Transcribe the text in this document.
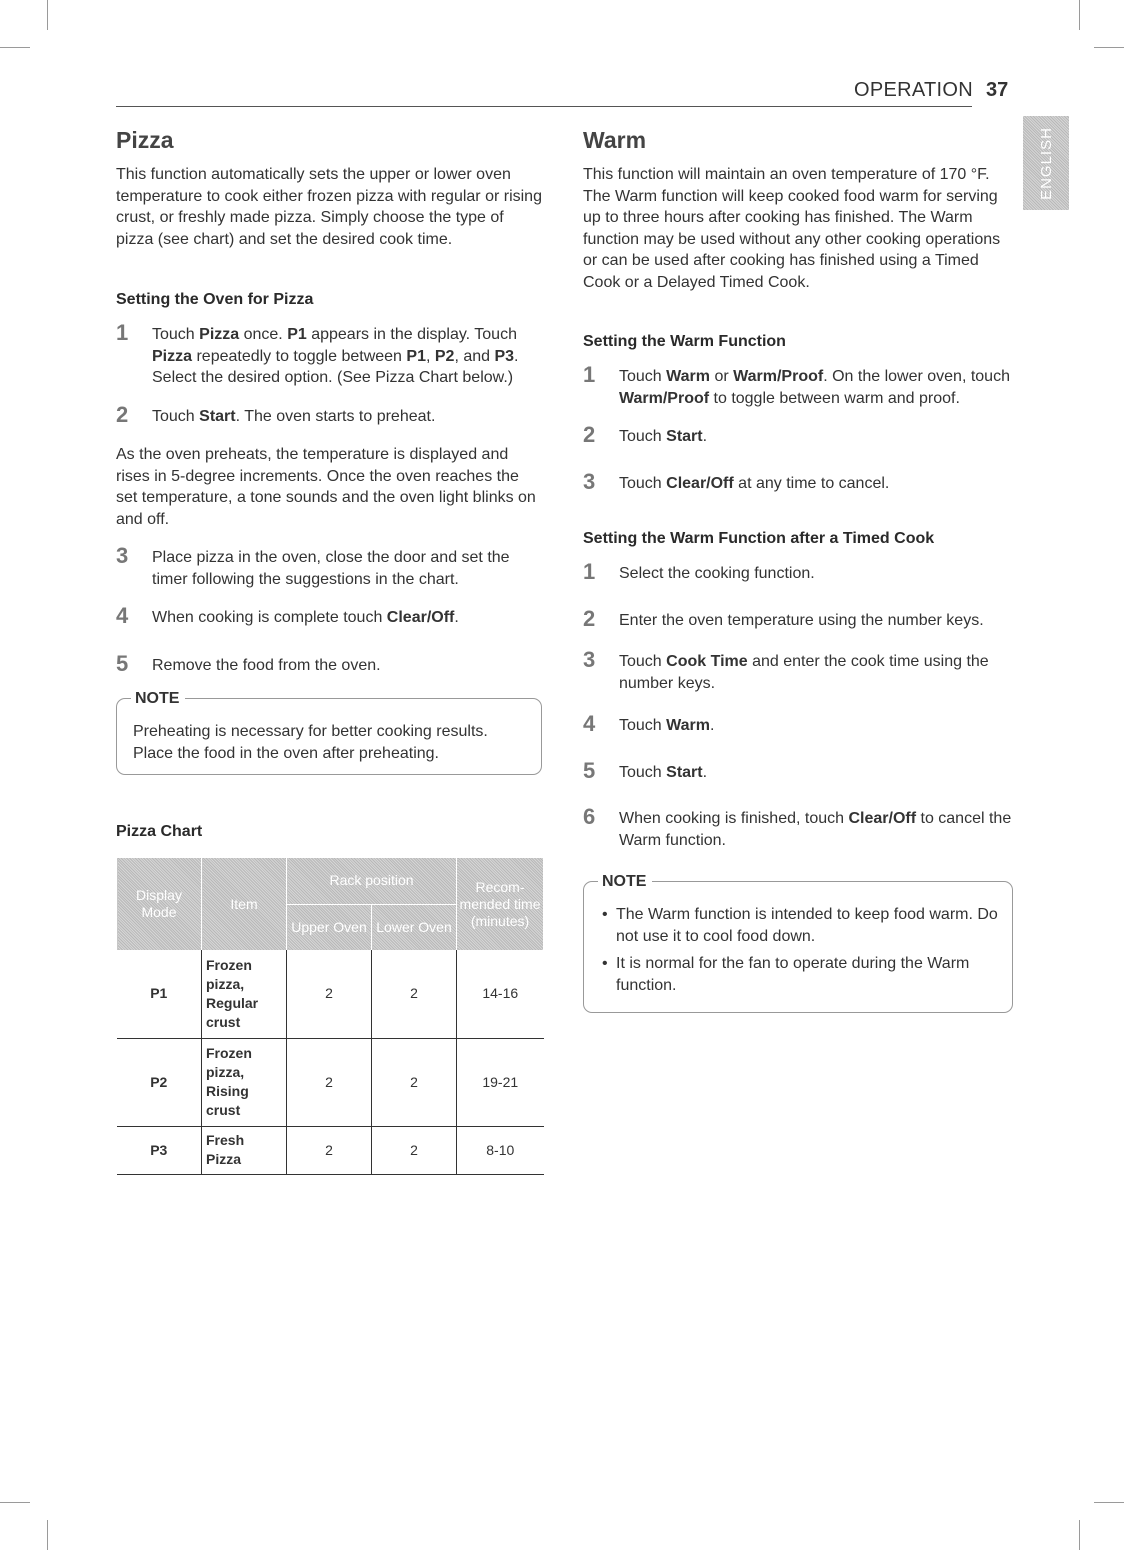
OPERATION 37
ENGLISH
Pizza

This function automatically sets the upper or lower oven temperature to cook either frozen pizza with regular or rising crust, or freshly made pizza. Simply choose the type of pizza (see chart) and set the desired cook time.

Setting the Oven for Pizza
1 Touch Pizza once. P1 appears in the display. Touch Pizza repeatedly to toggle between P1, P2, and P3. Select the desired option. (See Pizza Chart below.)
2 Touch Start. The oven starts to preheat.

As the oven preheats, the temperature is displayed and rises in 5-degree increments. Once the oven reaches the set temperature, a tone sounds and the oven light blinks on and off.

3 Place pizza in the oven, close the door and set the timer following the suggestions in the chart.
4 When cooking is complete touch Clear/Off.
5 Remove the food from the oven.
NOTE
Preheating is necessary for better cooking results. Place the food in the oven after preheating.
Pizza Chart
Display Mode	Item	Rack position		Recom-mended time (minutes)
		Upper Oven	Lower Oven	
P1	Frozen pizza, Regular crust	2	2	14-16
P2	Frozen pizza, Rising crust	2	2	19-21
P3	Fresh Pizza	2	2	8-10
Warm

This function will maintain an oven temperature of 170 °F. The Warm function will keep cooked food warm for serving up to three hours after cooking has finished. The Warm function may be used without any other cooking operations or can be used after cooking has finished using a Timed Cook or a Delayed Timed Cook.

Setting the Warm Function
1 Touch Warm or Warm/Proof. On the lower oven, touch Warm/Proof to toggle between warm and proof.
2 Touch Start.
3 Touch Clear/Off at any time to cancel.
Setting the Warm Function after a Timed Cook
1 Select the cooking function.
2 Enter the oven temperature using the number keys.
3 Touch Cook Time and enter the cook time using the number keys.
4 Touch Warm.
5 Touch Start.
6 When cooking is finished, touch Clear/Off to cancel the Warm function.
NOTE
• The Warm function is intended to keep food warm. Do not use it to cool food down.
• It is normal for the fan to operate during the Warm function.
